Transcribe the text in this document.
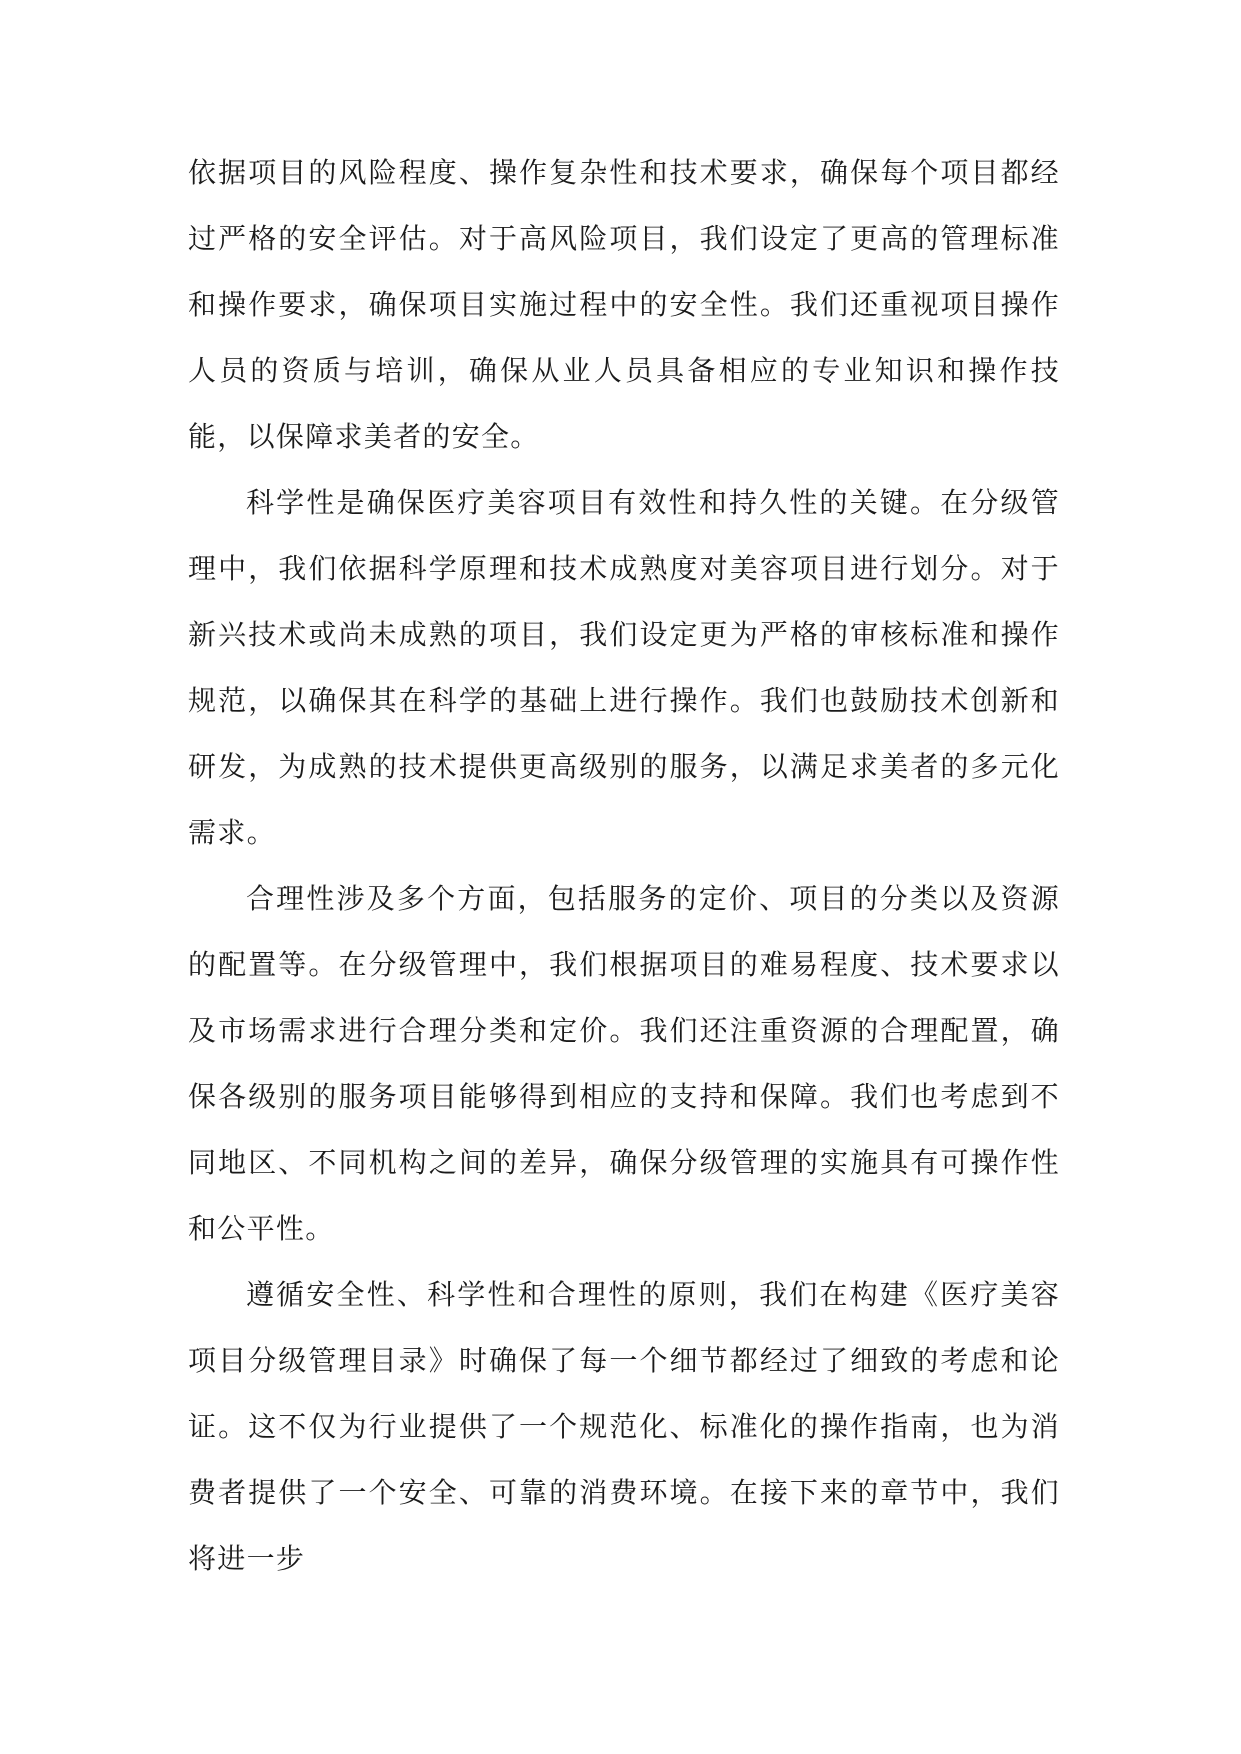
依据项目的风险程度、操作复杂性和技术要求，确保每个项目都经过严格的安全评估。对于高风险项目，我们设定了更高的管理标准和操作要求，确保项目实施过程中的安全性。我们还重视项目操作人员的资质与培训，确保从业人员具备相应的专业知识和操作技能，以保障求美者的安全。

科学性是确保医疗美容项目有效性和持久性的关键。在分级管理中，我们依据科学原理和技术成熟度对美容项目进行划分。对于新兴技术或尚未成熟的项目，我们设定更为严格的审核标准和操作规范，以确保其在科学的基础上进行操作。我们也鼓励技术创新和研发，为成熟的技术提供更高级别的服务，以满足求美者的多元化需求。

合理性涉及多个方面，包括服务的定价、项目的分类以及资源的配置等。在分级管理中，我们根据项目的难易程度、技术要求以及市场需求进行合理分类和定价。我们还注重资源的合理配置，确保各级别的服务项目能够得到相应的支持和保障。我们也考虑到不同地区、不同机构之间的差异，确保分级管理的实施具有可操作性和公平性。

遵循安全性、科学性和合理性的原则，我们在构建《医疗美容项目分级管理目录》时确保了每一个细节都经过了细致的考虑和论证。这不仅为行业提供了一个规范化、标准化的操作指南，也为消费者提供了一个安全、可靠的消费环境。在接下来的章节中，我们将进一步
